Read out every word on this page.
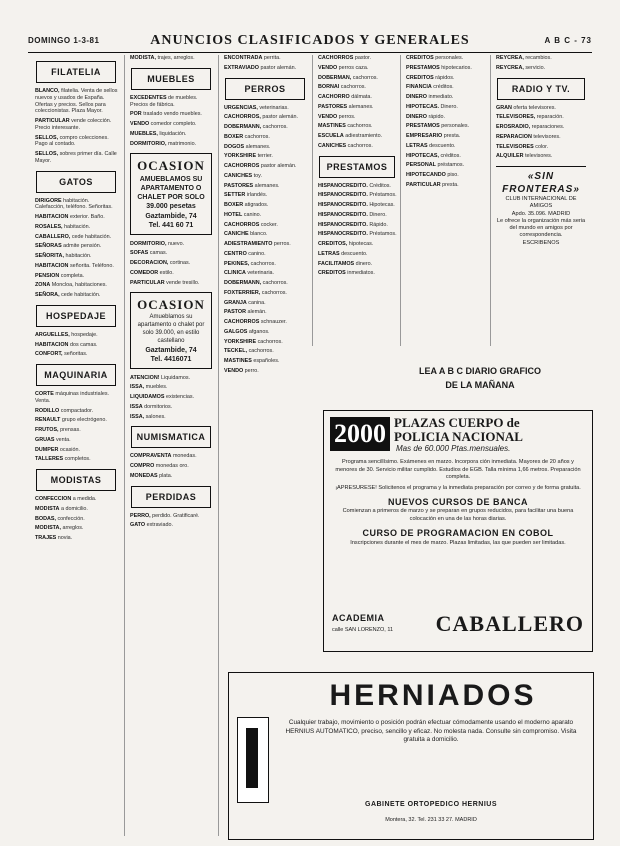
DOMINGO 1-3-81	ANUNCIOS CLASIFICADOS Y GENERALES	A B C - 73
FILATELIA
BLANCO, filatelia. Venta de sellos nuevos y usados de España. Ofertas y precios. Sellos para coleccionistas. Plaza Mayor.
PARTICULAR vende colección. Precio interesante.
SELLOS, compro colecciones. Pago al contado.
SELLOS, sobres primer día. Calle Mayor.
GATOS
DIRIGORE habitación. Calefacción, teléfono. Señoritas.
HABITACION exterior. Baño.
ROSALES, habitación.
CABALLERO, cede habitación.
SEÑORAS admite pensión.
SEÑORITA, habitación.
HABITACION señorita. Teléfono.
PENSION completa.
ZONA Moncloa, habitaciones.
SEÑORA, cede habitación.
HOSPEDAJE
ARGUELLES, hospedaje.
HABITACION dos camas.
CONFORT, señoritas.
MAQUINARIA
CORTE máquinas industriales. Venta.
RODILLO compactador.
RENAULT grupo electrógeno.
FRUTOS, prensas.
GRUAS venta.
DUMPER ocasión.
TALLERES completos.
MODISTAS
CONFECCION a medida.
MODISTA a domicilio.
BODAS, confección.
MODISTA, arreglos.
TRAJES novia.
MODISTA, trajes, arreglos.
MUEBLES
EXCEDENTES de muebles. Precios de fábrica.
POR traslado vendo muebles.
VENDO comedor completo.
MUEBLES, liquidación.
DORMITORIO, matrimonio.
OCASION
AMUEBLAMOS SU APARTAMENTO O CHALET POR SOLO
39.000 pesetas
Gaztambide, 74
Tel. 441 60 71
DORMITORIO, nuevo.
SOFAS camas.
DECORACION, cortinas.
COMEDOR estilo.
PARTICULAR vende tresillo.
OCASION
Amueblamos su apartamento o chalet por solo 39.000, en estilo castellano
Gaztambide, 74
Tel. 4416071
ATENCION! Liquidamos.
ISSA, muebles.
LIQUIDAMOS existencias.
ISSA dormitorios.
ISSA, salones.
NUMISMATICA
COMPRAVENTA monedas.
COMPRO monedas oro.
MONEDAS plata.
PERDIDAS
PERRO, perdido. Gratificaré.
GATO extraviado.
ENCONTRADA perrita.
EXTRAVIADO pastor alemán.
PERROS
URGENCIAS, veterinarias.
CACHORROS, pastor alemán.
DOBERMANN, cachorros.
BOXER cachorros.
DOGOS alemanes.
YORKSHIRE terrier.
CACHORROS pastor alemán.
CANICHES toy.
PASTORES alemanes.
SETTER irlandés.
BOXER atigrados.
HOTEL canino.
CACHORROS cocker.
CANICHE blanco.
ADIESTRAMIENTO perros.
CENTRO canino.
PEKINES, cachorros.
CLINICA veterinaria.
DOBERMANN, cachorros.
FOXTERRIER, cachorros.
GRANJA canina.
PASTOR alemán.
CACHORROS schnauzer.
GALGOS afganos.
YORKSHIRE cachorros.
TECKEL, cachorros.
MASTINES españoles.
VENDO perro.
CACHORROS pastor.
VENDO perros caza.
DOBERMAN, cachorros.
BORNAI cachorros.
CACHORRO dálmata.
PASTORES alemanes.
VENDO perros.
MASTINES cachorros.
ESCUELA adiestramiento.
CANICHES cachorros.
PRESTAMOS
HISPANOCREDITO. Créditos.
HISPANOCREDITO. Préstamos.
HISPANOCREDITO. Hipotecas.
HISPANOCREDITO. Dinero.
HISPANOCREDITO. Rápido.
HISPANOCREDITO. Préstamos.
CREDITOS, hipotecas.
LETRAS descuento.
FACILITAMOS dinero.
CREDITOS inmediatos.
CREDITOS personales.
PRESTAMOS hipotecarios.
CREDITOS rápidos.
FINANCIA créditos.
DINERO inmediato.
HIPOTECAS. Dinero.
DINERO rápido.
PRESTAMOS personales.
EMPRESARIO presta.
LETRAS descuento.
HIPOTECAS, créditos.
PERSONAL préstamos.
HIPOTECANDO piso.
PARTICULAR presta.
REYCREA, recambios.
REYCREA, servicio.
RADIO Y TV.
GRAN oferta televisores.
TELEVISORES, reparación.
EROSRADIO, reparaciones.
REPARACION televisores.
TELEVISORES color.
ALQUILER televisores.
«SIN FRONTERAS»
CLUB INTERNACIONAL DE AMIGOS
Apdo. 35.096. MADRID
Le ofrece la organización más seria del mundo en amigos por correspondencia.
ESCRIBENOS
LEA A B C DIARIO GRAFICO
DE LA MAÑANA
2000 PLAZAS CUERPO de
POLICIA NACIONAL
Mas de 60.000 Ptas.mensuales.
Programa sencillísimo. Exámenes en marzo. Incorpora ción inmediata. Mayores de 20 años y menores de 30. Servicio militar cumplido. Estudios de EGB. Talla mínima 1,66 metros. Preparación completa.
¡APRESURESE! Solicitenos el programa y la inmediata preparación por correo y de forma gratuita.
NUEVOS CURSOS DE BANCA
Comienzan a primeros de marzo y se preparan en grupos reducidos, para facilitar una buena colocación en una de las horas diarias.
CURSO DE PROGRAMACION EN COBOL
Inscripciones durante el mes de marzo. Plazas limitadas, las que pueden ser limitadas.
ACADEMIA
calle SAN LORENZO, 11 CABALLERO
HERNIADOS
Cualquier trabajo, movimiento o posición podrán efectuar cómodamente usando el moderno aparato HERNIUS AUTOMATICO, preciso, sencillo y eficaz. No molesta nada. Consulte sin compromiso. Visita gratuita a domicilio.
GABINETE ORTOPEDICO HERNIUS
Montera, 32. Tel. 231 33 27. MADRID
